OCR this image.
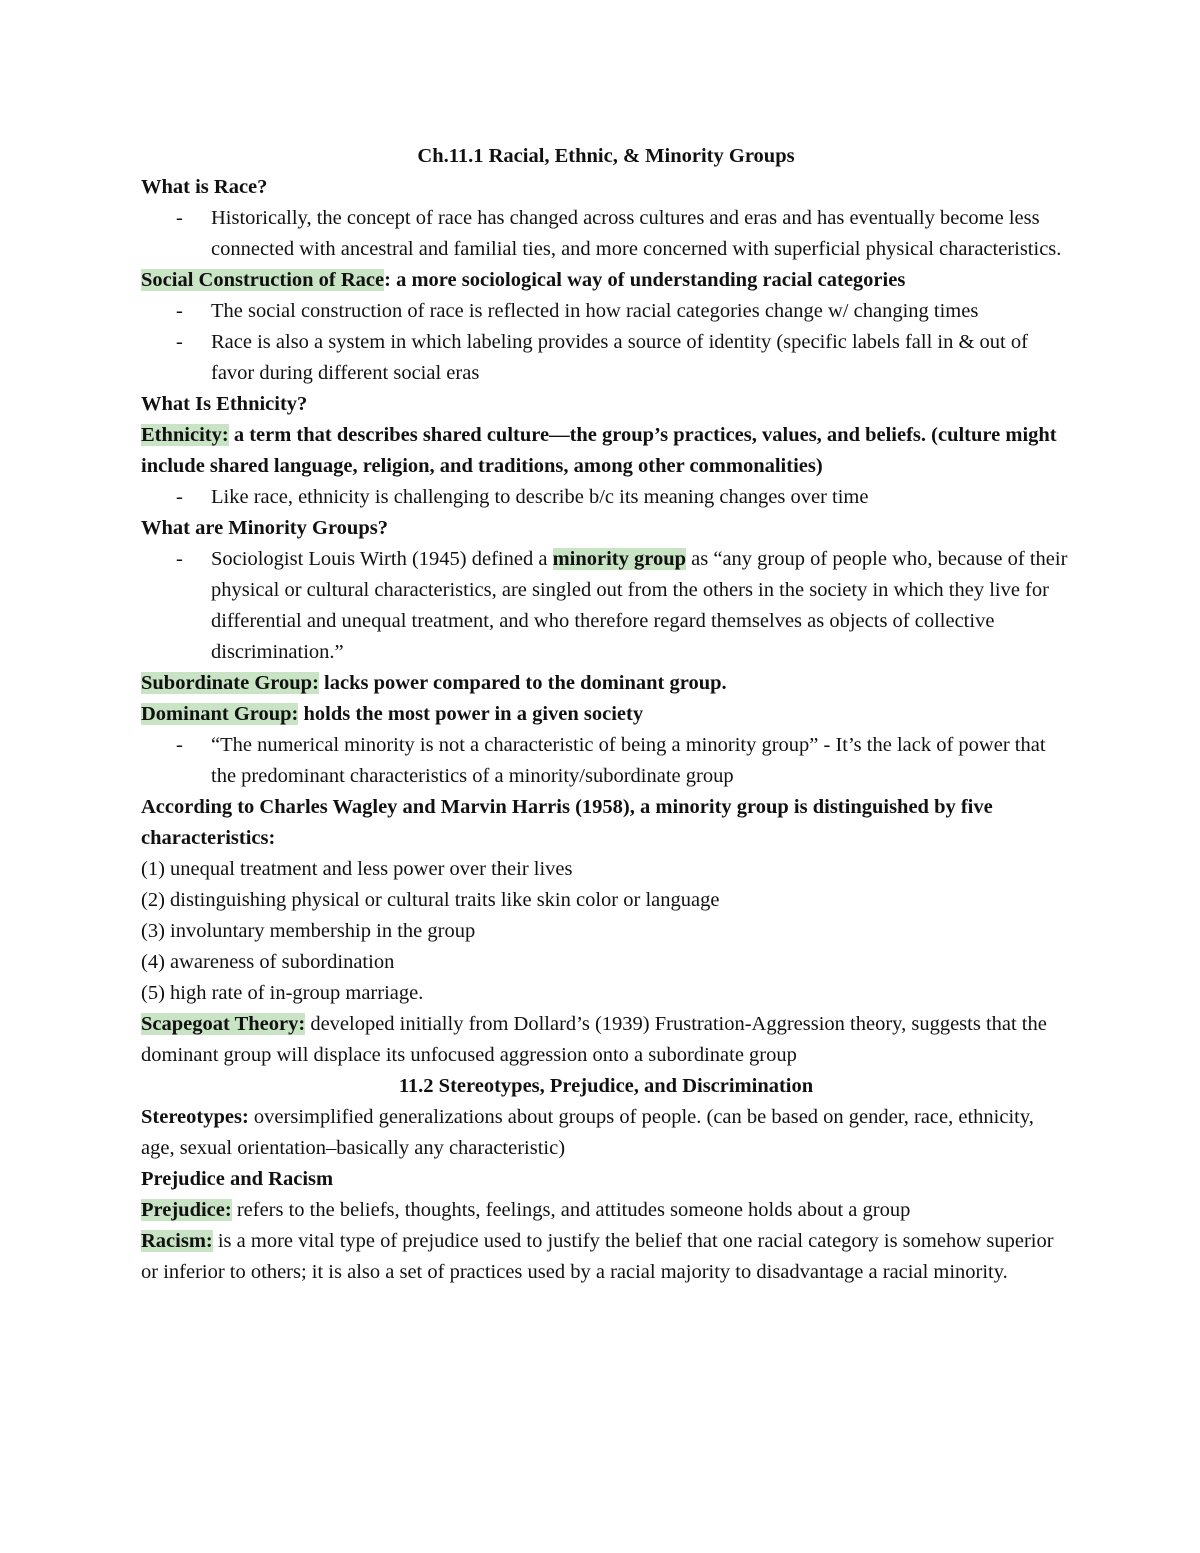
Ch.11.1 Racial, Ethnic, & Minority Groups
What is Race?
- Historically, the concept of race has changed across cultures and eras and has eventually become less connected with ancestral and familial ties, and more concerned with superficial physical characteristics.
Social Construction of Race: a more sociological way of understanding racial categories
- The social construction of race is reflected in how racial categories change w/ changing times
- Race is also a system in which labeling provides a source of identity (specific labels fall in & out of favor during different social eras
What Is Ethnicity?
Ethnicity: a term that describes shared culture—the group’s practices, values, and beliefs. (culture might include shared language, religion, and traditions, among other commonalities)
- Like race, ethnicity is challenging to describe b/c its meaning changes over time
What are Minority Groups?
- Sociologist Louis Wirth (1945) defined a minority group as “any group of people who, because of their physical or cultural characteristics, are singled out from the others in the society in which they live for differential and unequal treatment, and who therefore regard themselves as objects of collective discrimination.”
Subordinate Group: lacks power compared to the dominant group.
Dominant Group: holds the most power in a given society
- “The numerical minority is not a characteristic of being a minority group” - It’s the lack of power that the predominant characteristics of a minority/subordinate group
According to Charles Wagley and Marvin Harris (1958), a minority group is distinguished by five characteristics:
(1) unequal treatment and less power over their lives
(2) distinguishing physical or cultural traits like skin color or language
(3) involuntary membership in the group
(4) awareness of subordination
(5) high rate of in-group marriage.
Scapegoat Theory: developed initially from Dollard’s (1939) Frustration-Aggression theory, suggests that the dominant group will displace its unfocused aggression onto a subordinate group
11.2 Stereotypes, Prejudice, and Discrimination
Stereotypes: oversimplified generalizations about groups of people. (can be based on gender, race, ethnicity, age, sexual orientation–basically any characteristic)
Prejudice and Racism
Prejudice: refers to the beliefs, thoughts, feelings, and attitudes someone holds about a group
Racism: is a more vital type of prejudice used to justify the belief that one racial category is somehow superior or inferior to others; it is also a set of practices used by a racial majority to disadvantage a racial minority.
